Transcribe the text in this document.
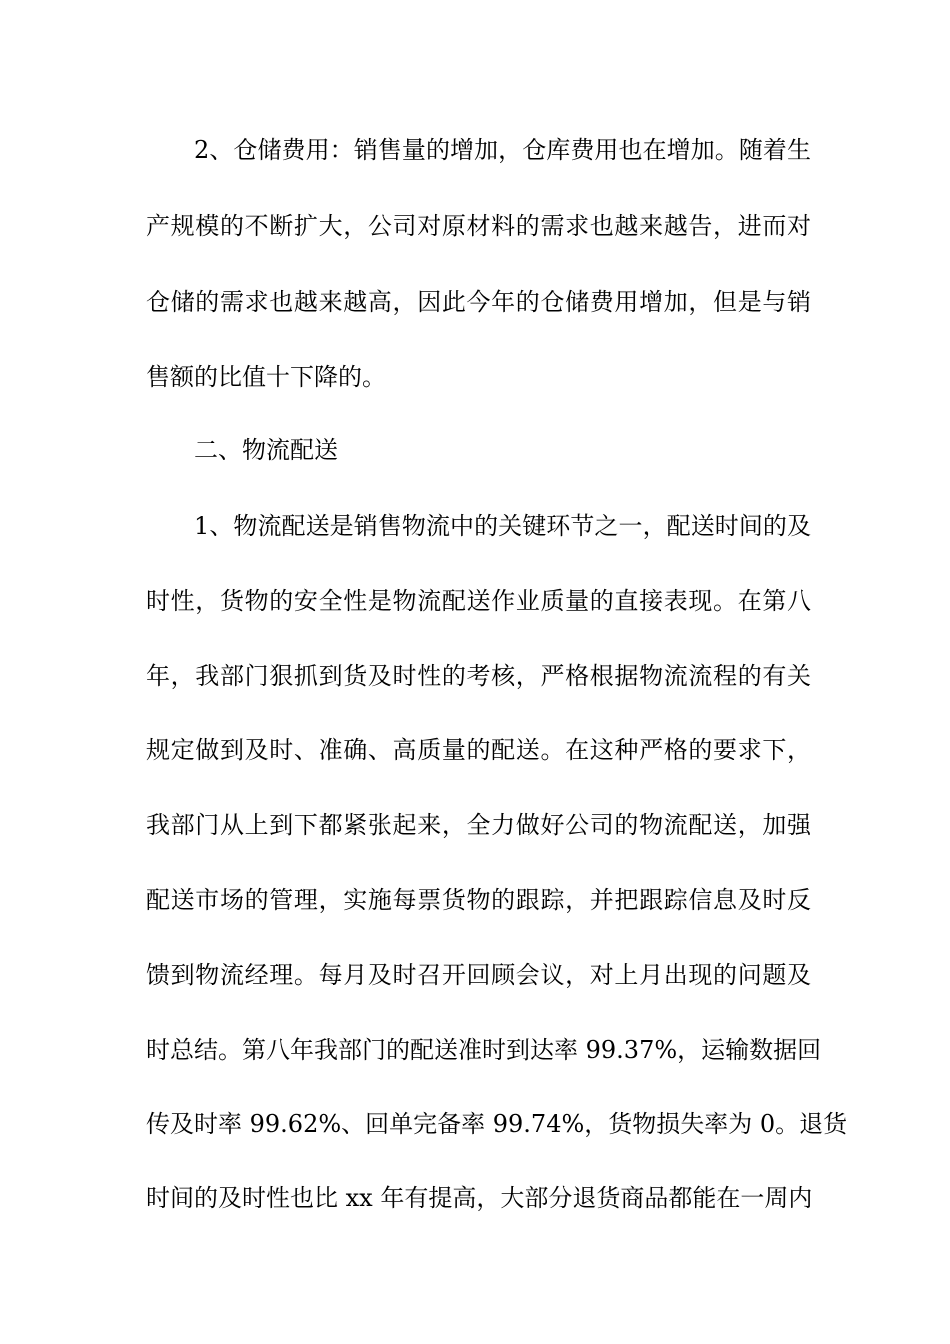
2、仓储费用：销售量的增加，仓库费用也在增加。随着生
产规模的不断扩大，公司对原材料的需求也越来越告，进而对
仓储的需求也越来越高，因此今年的仓储费用增加，但是与销
售额的比值十下降的。
二、物流配送
1、物流配送是销售物流中的关键环节之一，配送时间的及
时性，货物的安全性是物流配送作业质量的直接表现。在第八
年，我部门狠抓到货及时性的考核，严格根据物流流程的有关
规定做到及时、准确、高质量的配送。在这种严格的要求下，
我部门从上到下都紧张起来，全力做好公司的物流配送，加强
配送市场的管理，实施每票货物的跟踪，并把跟踪信息及时反
馈到物流经理。每月及时召开回顾会议，对上月出现的问题及
时总结。第八年我部门的配送准时到达率 99.37%，运输数据回
传及时率 99.62%、回单完备率 99.74%，货物损失率为 0。退货
时间的及时性也比 xx 年有提高，大部分退货商品都能在一周内
